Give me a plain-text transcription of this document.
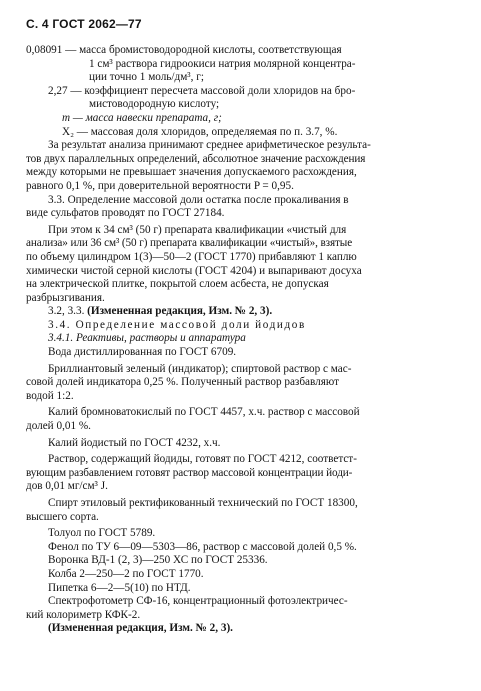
С. 4 ГОСТ 2062—77

0,08091 — масса бромистоводородной кислоты, соответствующая

1 см³ раствора гидроокиси натрия молярной концентра-

ции точно 1 моль/дм³, г;

2,27 — коэффициент пересчета массовой доли хлоридов на бро-

мистоводородную кислоту;

m — масса навески препарата, г;

X₂ — массовая доля хлоридов, определяемая по п. 3.7, %.

За результат анализа принимают среднее арифметическое результа-

тов двух параллельных определений, абсолютное значение расхождения

между которыми не превышает значения допускаемого расхождения,

равного 0,1 %, при доверительной вероятности P = 0,95.

3.3. Определение массовой доли остатка после прокаливания в

виде сульфатов проводят по ГОСТ 27184.

При этом к 34 см³ (50 г) препарата квалификации «чистый для

анализа» или 36 см³ (50 г) препарата квалификации «чистый», взятые

по объему цилиндром 1(3)—50—2 (ГОСТ 1770) прибавляют 1 каплю

химически чистой серной кислоты (ГОСТ 4204) и выпаривают досуха

на электрической плитке, покрытой слоем асбеста, не допуская

разбрызгивания.

3.2, 3.3. (Измененная редакция, Изм. № 2, 3).

3.4. Определение массовой доли йодидов

3.4.1. Реактивы, растворы и аппаратура

Вода дистиллированная по ГОСТ 6709.

Бриллиантовый зеленый (индикатор); спиртовой раствор с мас-

совой долей индикатора 0,25 %. Полученный раствор разбавляют

водой 1:2.

Калий бромноватокислый по ГОСТ 4457, х.ч. раствор с массовой

долей 0,01 %.

Калий йодистый по ГОСТ 4232, х.ч.

Раствор, содержащий йодиды, готовят по ГОСТ 4212, соответст-

вующим разбавлением готовят раствор массовой концентрации йоди-

дов 0,01 мг/см³ J.

Спирт этиловый ректификованный технический по ГОСТ 18300,

высшего сорта.

Толуол по ГОСТ 5789.

Фенол по ТУ 6—09—5303—86, раствор с массовой долей 0,5 %.

Воронка ВД-1 (2, 3)—250 ХС по ГОСТ 25336.

Колба 2—250—2 по ГОСТ 1770.

Пипетка 6—2—5(10) по НТД.

Спектрофотометр СФ-16, концентрационный фотоэлектричес-

кий колориметр КФК-2.

(Измененная редакция, Изм. № 2, 3).
